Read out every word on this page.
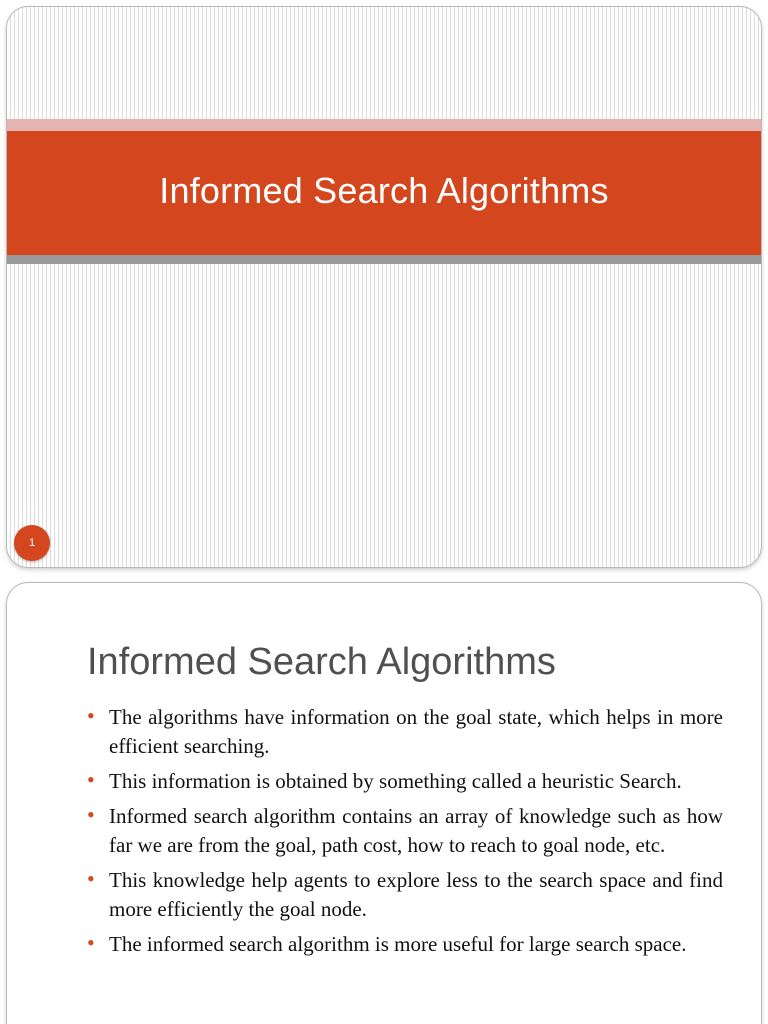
Informed Search Algorithms
1
Informed Search Algorithms
• The algorithms have information on the goal state, which helps in more efficient searching.
• This information is obtained by something called a heuristic Search.
• Informed search algorithm contains an array of knowledge such as how far we are from the goal, path cost, how to reach to goal node, etc.
• This knowledge help agents to explore less to the search space and find more efficiently the goal node.
• The informed search algorithm is more useful for large search space.
